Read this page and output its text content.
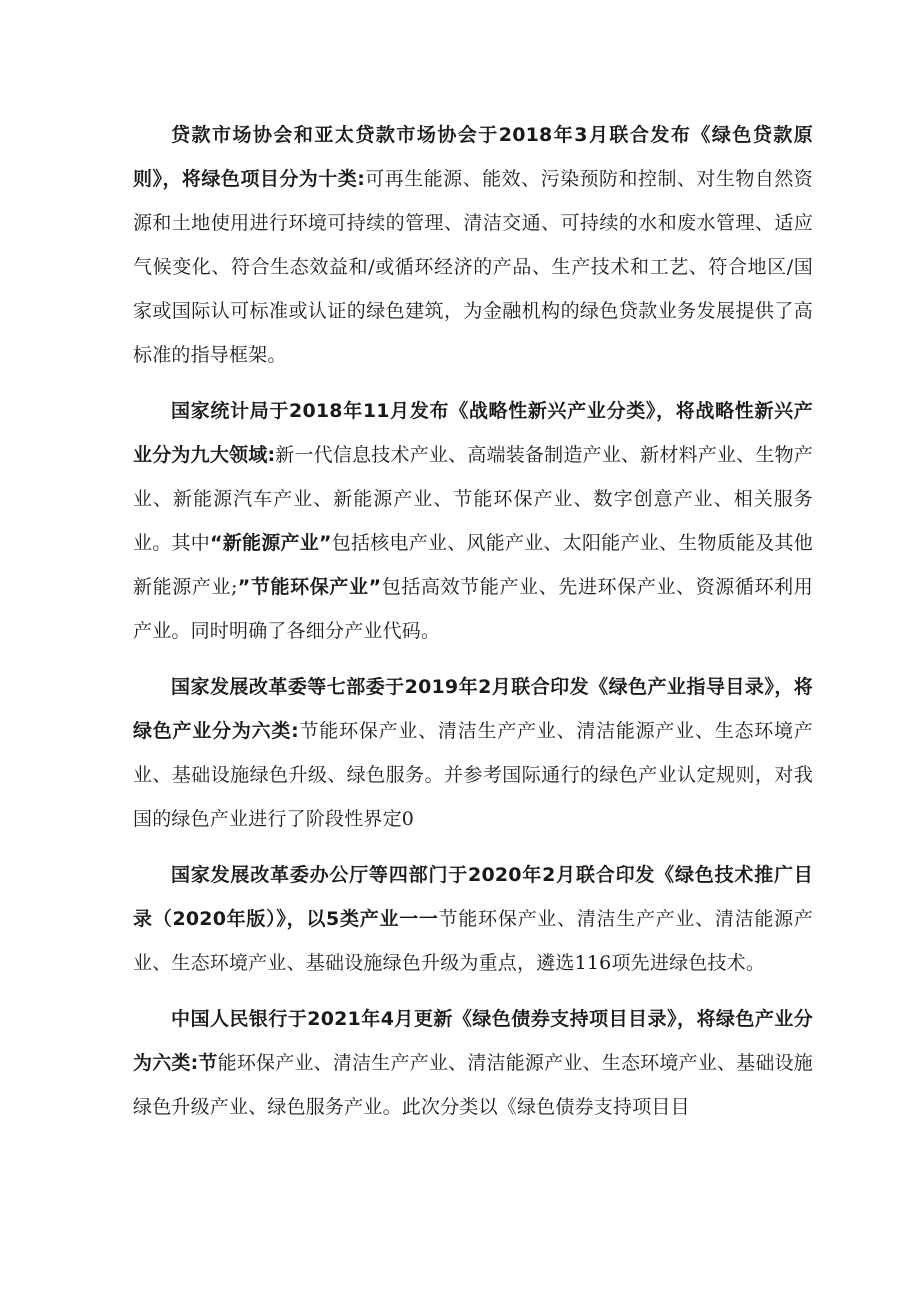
贷款市场协会和亚太贷款市场协会于2018年3月联合发布《绿色贷款原则》，将绿色项目分为十类:可再生能源、能效、污染预防和控制、对生物自然资源和土地使用进行环境可持续的管理、清洁交通、可持续的水和废水管理、适应气候变化、符合生态效益和/或循环经济的产品、生产技术和工艺、符合地区/国家或国际认可标准或认证的绿色建筑，为金融机构的绿色贷款业务发展提供了高标准的指导框架。

国家统计局于2018年11月发布《战略性新兴产业分类》，将战略性新兴产业分为九大领域:新一代信息技术产业、高端装备制造产业、新材料产业、生物产业、新能源汽车产业、新能源产业、节能环保产业、数字创意产业、相关服务业。其中“新能源产业”包括核电产业、风能产业、太阳能产业、生物质能及其他新能源产业;”节能环保产业”包括高效节能产业、先进环保产业、资源循环利用产业。同时明确了各细分产业代码。

国家发展改革委等七部委于2019年2月联合印发《绿色产业指导目录》，将绿色产业分为六类:节能环保产业、清洁生产产业、清洁能源产业、生态环境产业、基础设施绿色升级、绿色服务。并参考国际通行的绿色产业认定规则，对我国的绿色产业进行了阶段性界定0

国家发展改革委办公厅等四部门于2020年2月联合印发《绿色技术推广目录（2020年版）》，以5类产业一一节能环保产业、清洁生产产业、清洁能源产业、生态环境产业、基础设施绿色升级为重点，遴选116项先进绿色技术。

中国人民银行于2021年4月更新《绿色债券支持项目目录》，将绿色产业分为六类:节能环保产业、清洁生产产业、清洁能源产业、生态环境产业、基础设施绿色升级产业、绿色服务产业。此次分类以《绿色债券支持项目目
